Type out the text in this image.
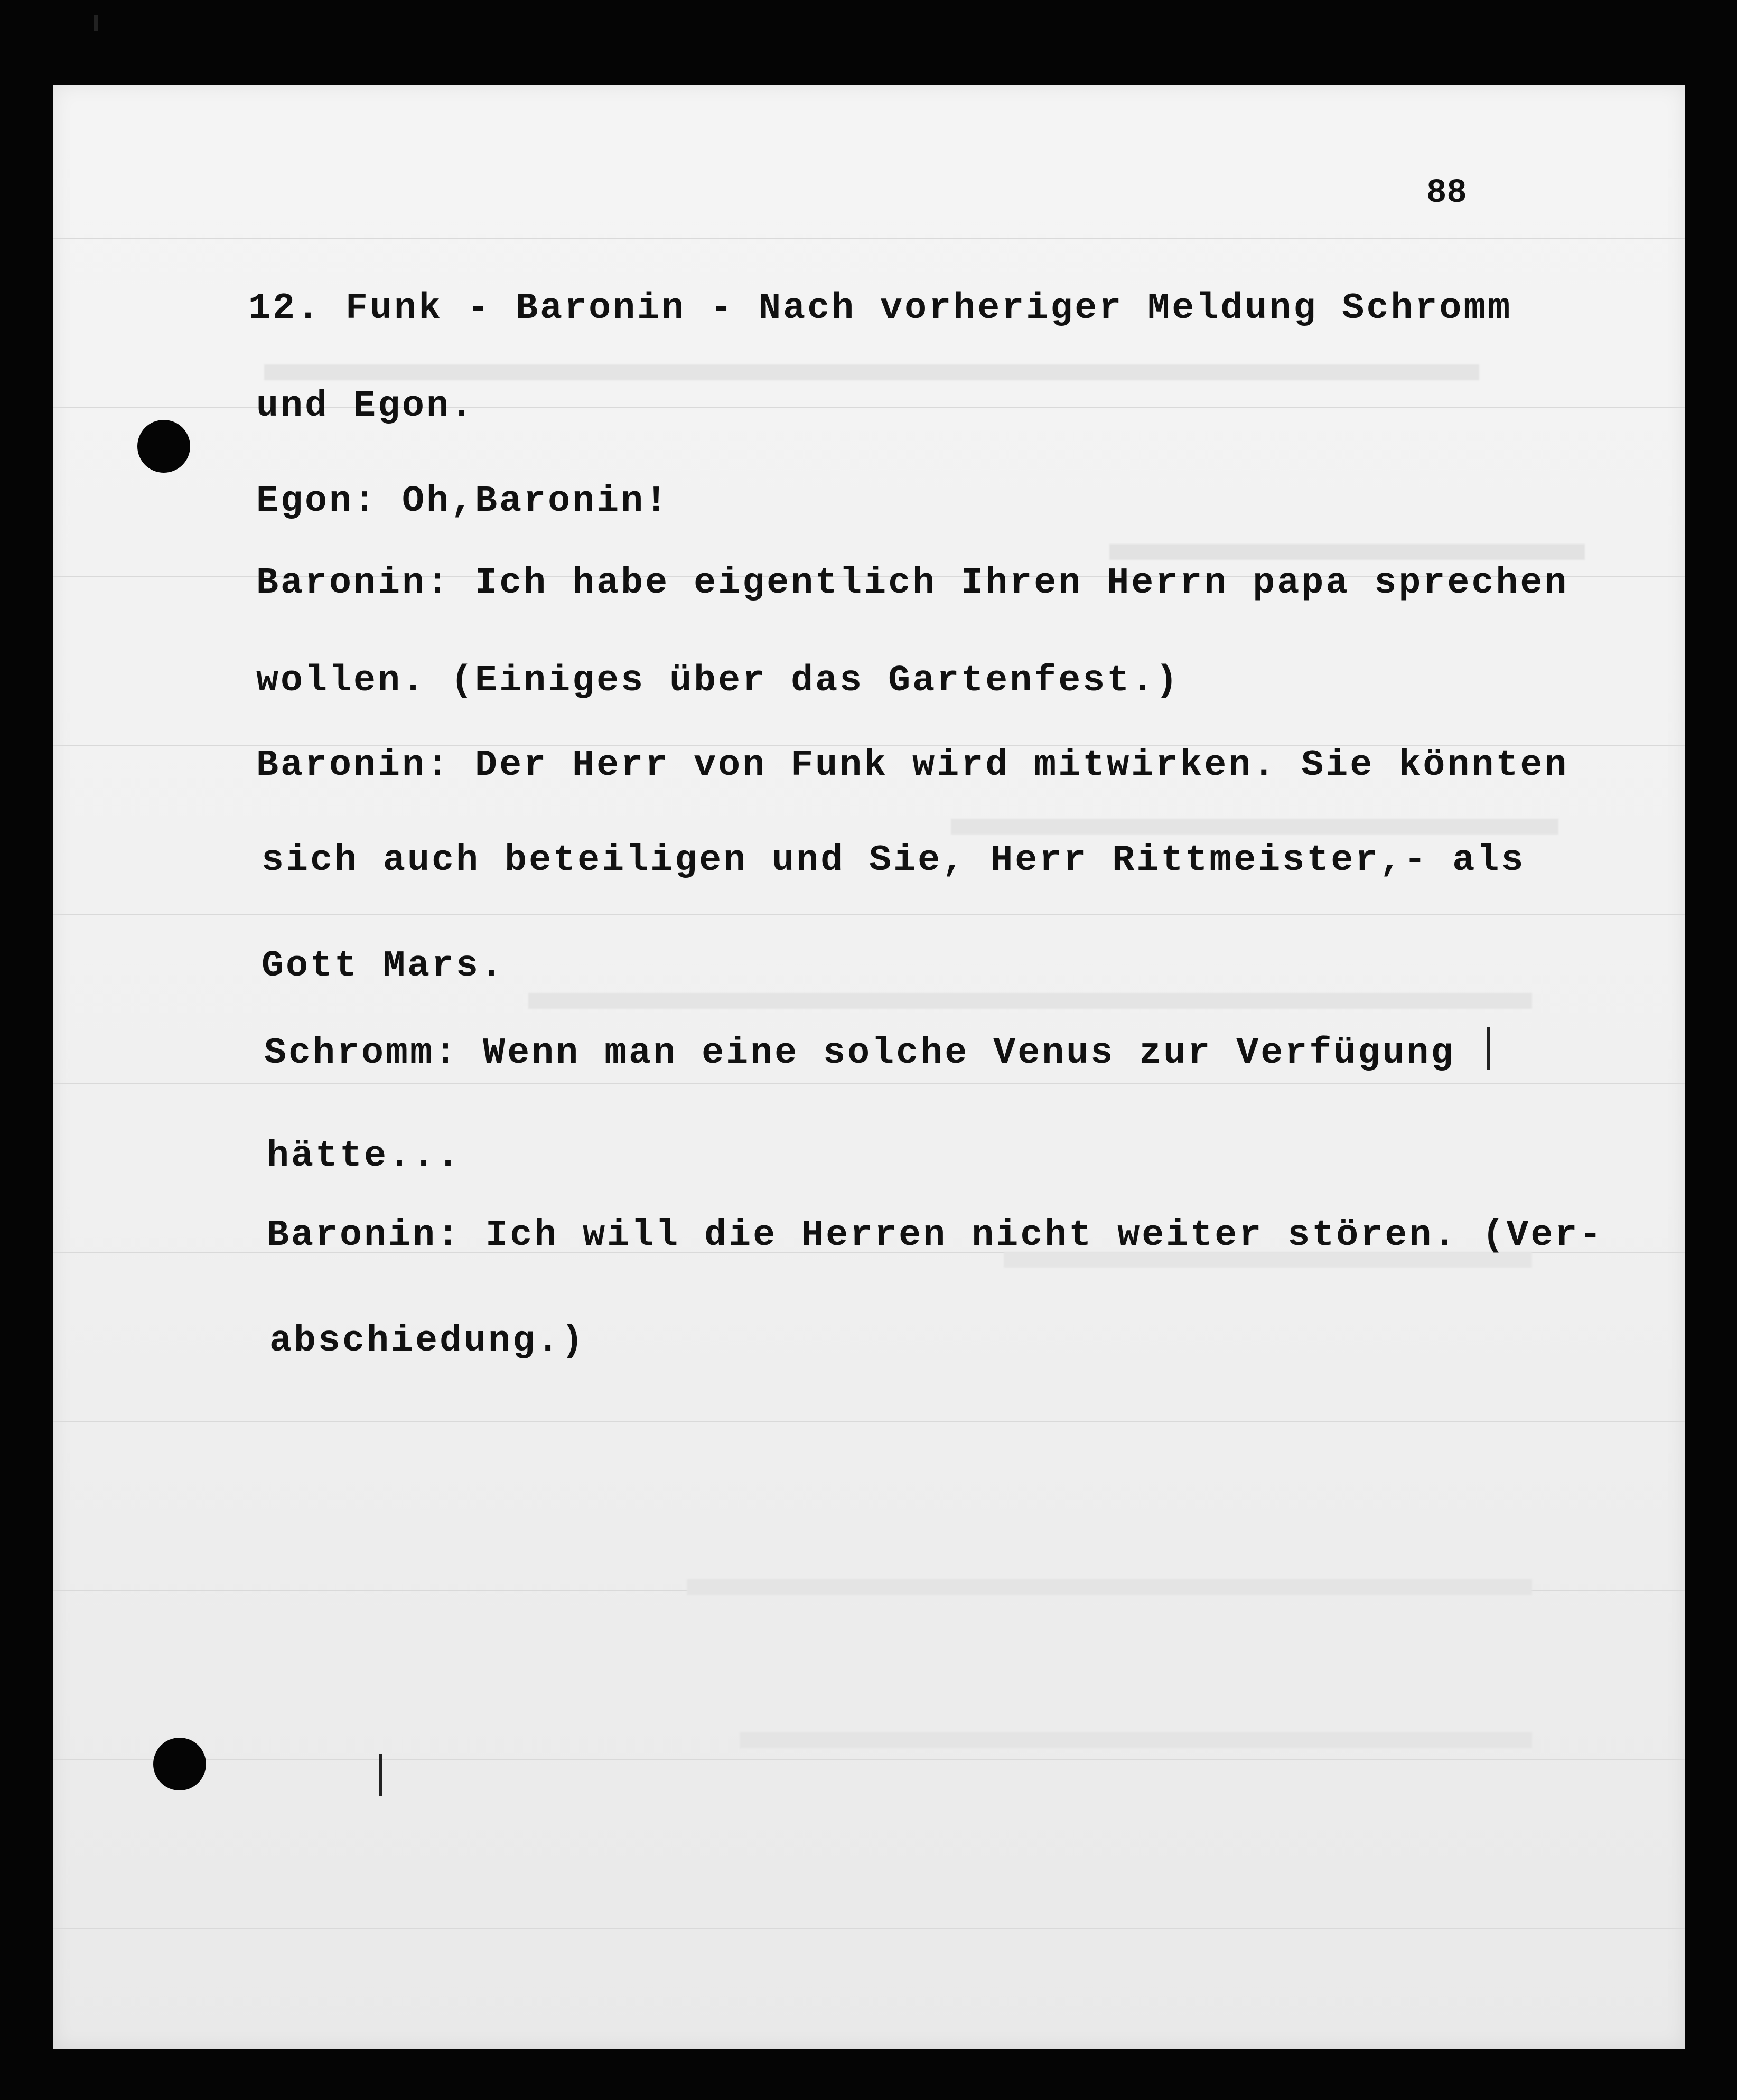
88
12. Funk - Baronin - Nach vorheriger Meldung Schromm
und Egon.
Egon: Oh,Baronin!
Baronin: Ich habe eigentlich Ihren Herrn papa sprechen
wollen. (Einiges über das Gartenfest.)
Baronin: Der Herr von Funk wird mitwirken. Sie könnten
sich auch beteiligen und Sie, Herr Rittmeister,- als
Gott Mars.
Schromm: Wenn man eine solche Venus zur Verfügung
hätte...
Baronin: Ich will die Herren nicht weiter stören. (Ver-
abschiedung.)
